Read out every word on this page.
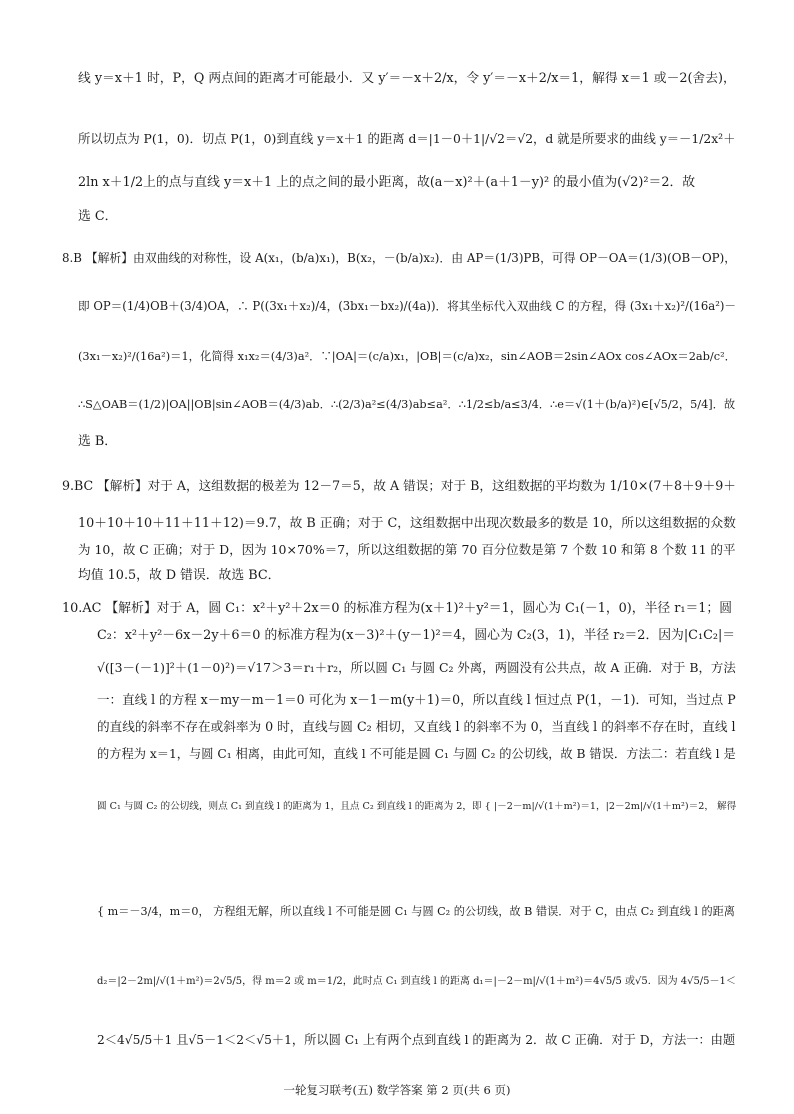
线 y＝x＋1 时，P，Q 两点间的距离才可能最小．又 y′＝－x＋2/x，令 y′＝－x＋2/x＝1，解得 x＝1 或－2(舍去)，
所以切点为 P(1，0)．切点 P(1，0)到直线 y＝x＋1 的距离 d＝|1－0＋1|/√2＝√2，d 就是所要求的曲线 y＝－1/2x²＋
2ln x＋1/2上的点与直线 y＝x＋1 上的点之间的最小距离，故(a－x)²＋(a＋1－y)² 的最小值为(√2)²＝2．故
选 C．
8.B 【解析】由双曲线的对称性，设 A(x₁，(b/a)x₁)，B(x₂，－(b/a)x₂)．由 AP＝(1/3)PB，可得 OP－OA＝(1/3)(OB－OP)，
即 OP＝(1/4)OB＋(3/4)OA，∴ P((3x₁＋x₂)/4，(3bx₁－bx₂)/(4a))．将其坐标代入双曲线 C 的方程，得 (3x₁＋x₂)²/(16a²)－
(3x₁－x₂)²/(16a²)＝1，化简得 x₁x₂＝(4/3)a²．∵|OA|＝(c/a)x₁，|OB|＝(c/a)x₂，sin∠AOB＝2sin∠AOx cos∠AOx＝2ab/c²．
∴S△OAB＝(1/2)|OA||OB|sin∠AOB＝(4/3)ab．∴(2/3)a²≤(4/3)ab≤a²．∴1/2≤b/a≤3/4．∴e＝√(1＋(b/a)²)∈[√5/2，5/4]．故
选 B．
9.BC 【解析】对于 A，这组数据的极差为 12－7＝5，故 A 错误；对于 B，这组数据的平均数为 1/10×(7＋8＋9＋9＋
10＋10＋10＋11＋11＋12)＝9.7，故 B 正确；对于 C，这组数据中出现次数最多的数是 10，所以这组数据的众数
为 10，故 C 正确；对于 D，因为 10×70%＝7，所以这组数据的第 70 百分位数是第 7 个数 10 和第 8 个数 11 的平
均值 10.5，故 D 错误．故选 BC．
10.AC 【解析】对于 A，圆 C₁：x²＋y²＋2x＝0 的标准方程为(x＋1)²＋y²＝1，圆心为 C₁(－1，0)，半径 r₁＝1；圆
C₂：x²＋y²－6x－2y＋6＝0 的标准方程为(x－3)²＋(y－1)²＝4，圆心为 C₂(3，1)，半径 r₂＝2．因为|C₁C₂|＝
√([3－(－1)]²＋(1－0)²)＝√17＞3＝r₁＋r₂，所以圆 C₁ 与圆 C₂ 外离，两圆没有公共点，故 A 正确．对于 B，方法
一：直线 l 的方程 x－my－m－1＝0 可化为 x－1－m(y＋1)＝0，所以直线 l 恒过点 P(1，－1)．可知，当过点 P
的直线的斜率不存在或斜率为 0 时，直线与圆 C₂ 相切，又直线 l 的斜率不为 0，当直线 l 的斜率不存在时，直线 l
的方程为 x＝1，与圆 C₁ 相离，由此可知，直线 l 不可能是圆 C₁ 与圆 C₂ 的公切线，故 B 错误．方法二：若直线 l 是
圆 C₁ 与圆 C₂ 的公切线，则点 C₁ 到直线 l 的距离为 1，且点 C₂ 到直线 l 的距离为 2，即 { |－2－m|/√(1＋m²)＝1，|2－2m|/√(1＋m²)＝2， 解得
{ m＝－3/4，m＝0， 方程组无解，所以直线 l 不可能是圆 C₁ 与圆 C₂ 的公切线，故 B 错误．对于 C，由点 C₂ 到直线 l 的距离
d₂＝|2－2m|/√(1＋m²)＝2√5/5，得 m＝2 或 m＝1/2，此时点 C₁ 到直线 l 的距离 d₁＝|－2－m|/√(1＋m²)＝4√5/5 或√5．因为 4√5/5－1＜
2＜4√5/5＋1 且√5－1＜2＜√5＋1，所以圆 C₁ 上有两个点到直线 l 的距离为 2．故 C 正确．对于 D，方法一：由题
一轮复习联考(五) 数学答案 第 2 页(共 6 页)
